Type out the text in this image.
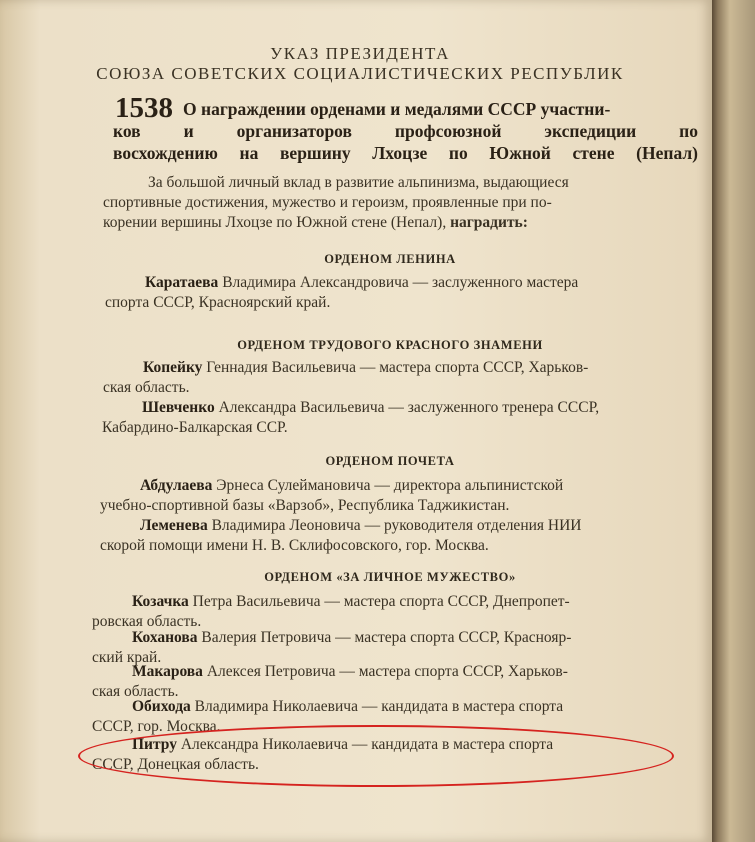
УКАЗ ПРЕЗИДЕНТА
СОЮЗА СОВЕТСКИХ СОЦИАЛИСТИЧЕСКИХ РЕСПУБЛИК
1538 О награждении орденами и медалями СССР участни-
ков и организаторов профсоюзной экспедиции по
восхождению на вершину Лхоцзе по Южной стене (Непал)
За большой личный вклад в развитие альпинизма, выдающиеся
спортивные достижения, мужество и героизм, проявленные при по-
корении вершины Лхоцзе по Южной стене (Непал), наградить:
ОРДЕНОМ ЛЕНИНА
Каратаева Владимира Александровича — заслуженного мастера
спорта СССР, Красноярский край.
ОРДЕНОМ ТРУДОВОГО КРАСНОГО ЗНАМЕНИ
Копейку Геннадия Васильевича — мастера спорта СССР, Харьков-
ская область.
Шевченко Александра Васильевича — заслуженного тренера СССР,
Кабардино-Балкарская ССР.
ОРДЕНОМ ПОЧЕТА
Абдулаева Эрнеса Сулеймановича — директора альпинистской
учебно-спортивной базы «Варзоб», Республика Таджикистан.
Леменева Владимира Леоновича — руководителя отделения НИИ
скорой помощи имени Н. В. Склифосовского, гор. Москва.
ОРДЕНОМ «ЗА ЛИЧНОЕ МУЖЕСТВО»
Козачка Петра Васильевича — мастера спорта СССР, Днепропет-
ровская область.
Коханова Валерия Петровича — мастера спорта СССР, Краснояр-
ский край.
Макарова Алексея Петровича — мастера спорта СССР, Харьков-
ская область.
Обихода Владимира Николаевича — кандидата в мастера спорта
СССР, гор. Москва.
Питру Александра Николаевича — кандидата в мастера спорта
СССР, Донецкая область.
